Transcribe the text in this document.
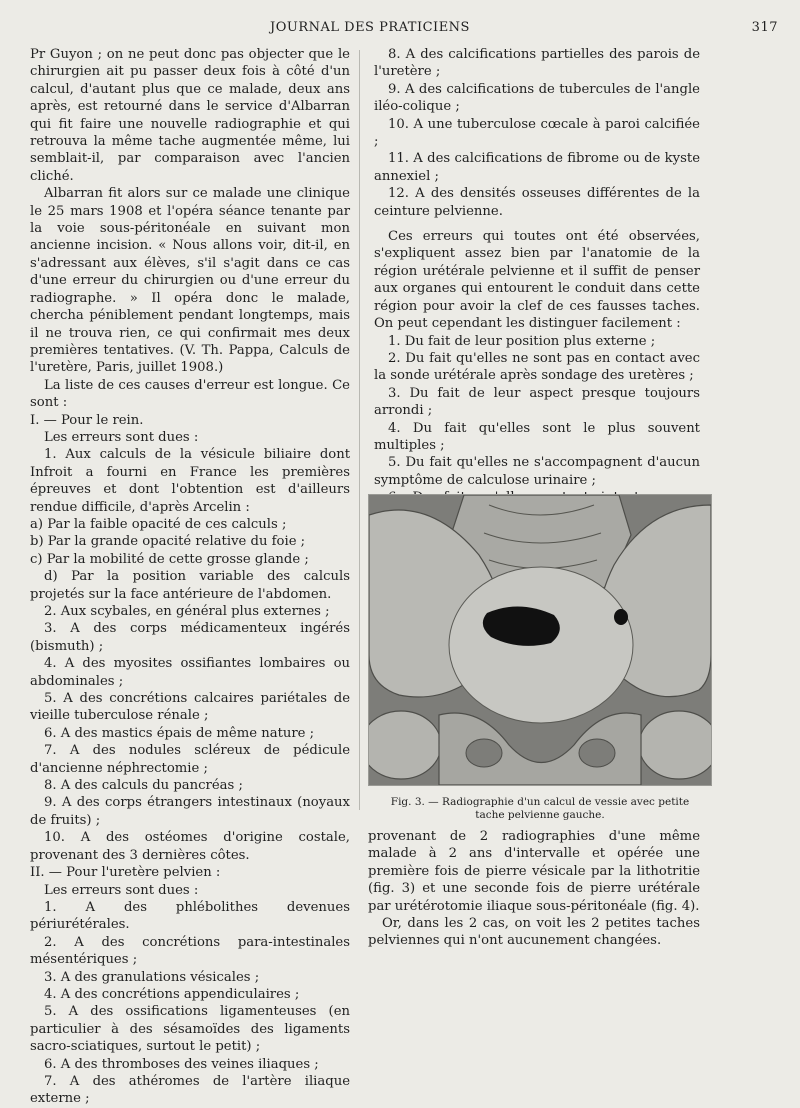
JOURNAL DES PRATICIENS	317

Pr Guyon ; on ne peut donc pas objecter que le chirurgien ait pu passer deux fois à côté d'un calcul, d'autant plus que ce malade, deux ans après, est retourné dans le service d'Albarran qui fit faire une nouvelle radiographie et qui retrouva la même tache augmentée même, lui semblait-il, par comparaison avec l'ancien cliché.

Albarran fit alors sur ce malade une clinique le 25 mars 1908 et l'opéra séance tenante par la voie sous-péritonéale en suivant mon ancienne incision. « Nous allons voir, dit-il, en s'adressant aux élèves, s'il s'agit dans ce cas d'une erreur du chirurgien ou d'une erreur du radiographe. » Il opéra donc le malade, chercha péniblement pendant longtemps, mais il ne trouva rien, ce qui confirmait mes deux premières tentatives. (V. Th. Pappa, Calculs de l'uretère, Paris, juillet 1908.)

La liste de ces causes d'erreur est longue. Ce sont :

I. — Pour le rein.

Les erreurs sont dues :

1. Aux calculs de la vésicule biliaire dont Infroit a fourni en France les premières épreuves et dont l'obtention est d'ailleurs rendue difficile, d'après Arcelin :

a) Par la faible opacité de ces calculs ;

b) Par la grande opacité relative du foie ;

c) Par la mobilité de cette grosse glande ;

d) Par la position variable des calculs projetés sur la face antérieure de l'abdomen.

2. Aux scybales, en général plus externes ;

3. A des corps médicamenteux ingérés (bismuth) ;

4. A des myosites ossifiantes lombaires ou abdominales ;

5. A des concrétions calcaires pariétales de vieille tuberculose rénale ;

6. A des mastics épais de même nature ;

7. A des nodules scléreux de pédicule d'ancienne néphrectomie ;

8. A des calculs du pancréas ;

9. A des corps étrangers intestinaux (noyaux de fruits) ;

10. A des ostéomes d'origine costale, provenant des 3 dernières côtes.

II. — Pour l'uretère pelvien :

Les erreurs sont dues :

1. A des phlébolithes devenues périurétérales.

2. A des concrétions para-intestinales mésentériques ;

3. A des granulations vésicales ;

4. A des concrétions appendiculaires ;

5. A des ossifications ligamenteuses (en particulier à des sésamoïdes des ligaments sacro-sciatiques, surtout le petit) ;

6. A des thromboses des veines iliaques ;

7. A des athéromes de l'artère iliaque externe ;

8. A des calcifications partielles des parois de l'uretère ;

9. A des calcifications de tubercules de l'angle iléo-colique ;

10. A une tuberculose cœcale à paroi calcifiée ;

11. A des calcifications de fibrome ou de kyste annexiel ;

12. A des densités osseuses différentes de la ceinture pelvienne.

Ces erreurs qui toutes ont été observées, s'expliquent assez bien par l'anatomie de la région urétérale pelvienne et il suffit de penser aux organes qui entourent le conduit dans cette région pour avoir la clef de ces fausses taches. On peut cependant les distinguer facilement :

1. Du fait de leur position plus externe ;

2. Du fait qu'elles ne sont pas en contact avec la sonde urétérale après sondage des uretères ;

3. Du fait de leur aspect presque toujours arrondi ;

4. Du fait qu'elles sont le plus souvent multiples ;

5. Du fait qu'elles ne s'accompagnent d'aucun symptôme de calculose urinaire ;

Fig. 3. — Radiographie d'un calcul de vessie avec petite tache pelvienne gauche.

provenant de 2 radiographies d'une même malade à 2 ans d'intervalle et opérée une première fois de pierre vésicale par la lithotritie (fig. 3) et une seconde fois de pierre urétérale par urétérotomie iliaque sous-péritonéale (fig. 4).

Or, dans les 2 cas, on voit les 2 petites taches pelviennes qui n'ont aucunement changées.
